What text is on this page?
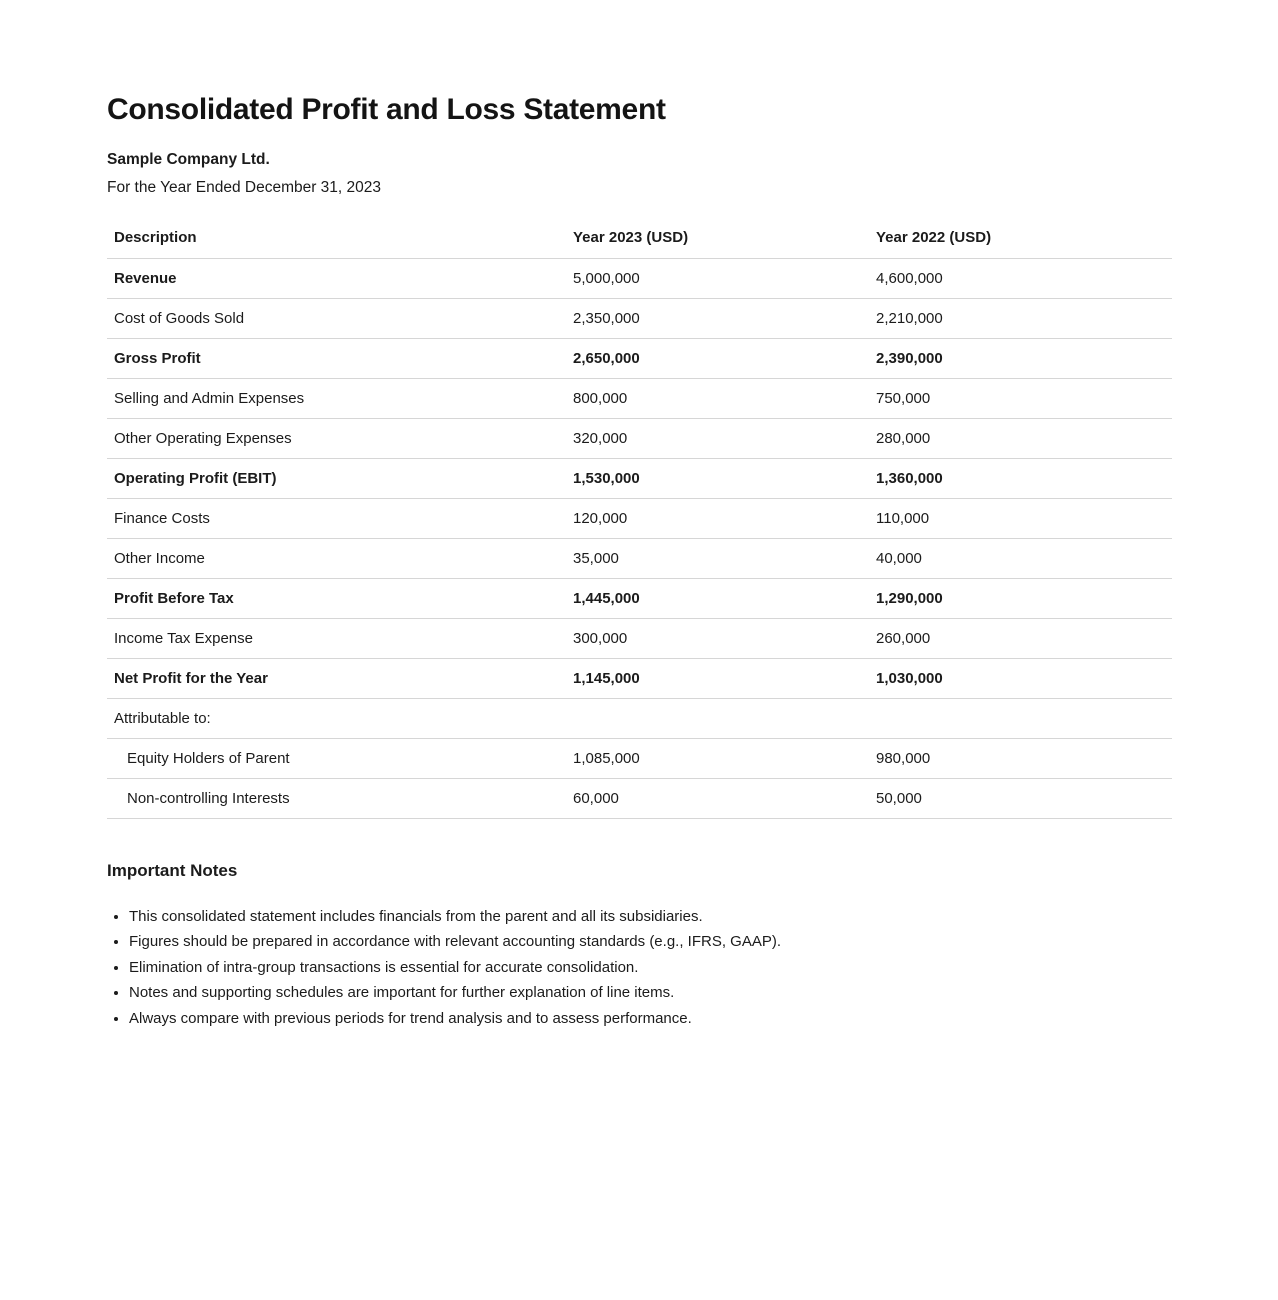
Consolidated Profit and Loss Statement
Sample Company Ltd.
For the Year Ended December 31, 2023
Description	Year 2023 (USD)	Year 2022 (USD)
Revenue	5,000,000	4,600,000
Cost of Goods Sold	2,350,000	2,210,000
Gross Profit	2,650,000	2,390,000
Selling and Admin Expenses	800,000	750,000
Other Operating Expenses	320,000	280,000
Operating Profit (EBIT)	1,530,000	1,360,000
Finance Costs	120,000	110,000
Other Income	35,000	40,000
Profit Before Tax	1,445,000	1,290,000
Income Tax Expense	300,000	260,000
Net Profit for the Year	1,145,000	1,030,000
Attributable to:		
Equity Holders of Parent	1,085,000	980,000
Non-controlling Interests	60,000	50,000
Important Notes
• This consolidated statement includes financials from the parent and all its subsidiaries.
• Figures should be prepared in accordance with relevant accounting standards (e.g., IFRS, GAAP).
• Elimination of intra-group transactions is essential for accurate consolidation.
• Notes and supporting schedules are important for further explanation of line items.
• Always compare with previous periods for trend analysis and to assess performance.
